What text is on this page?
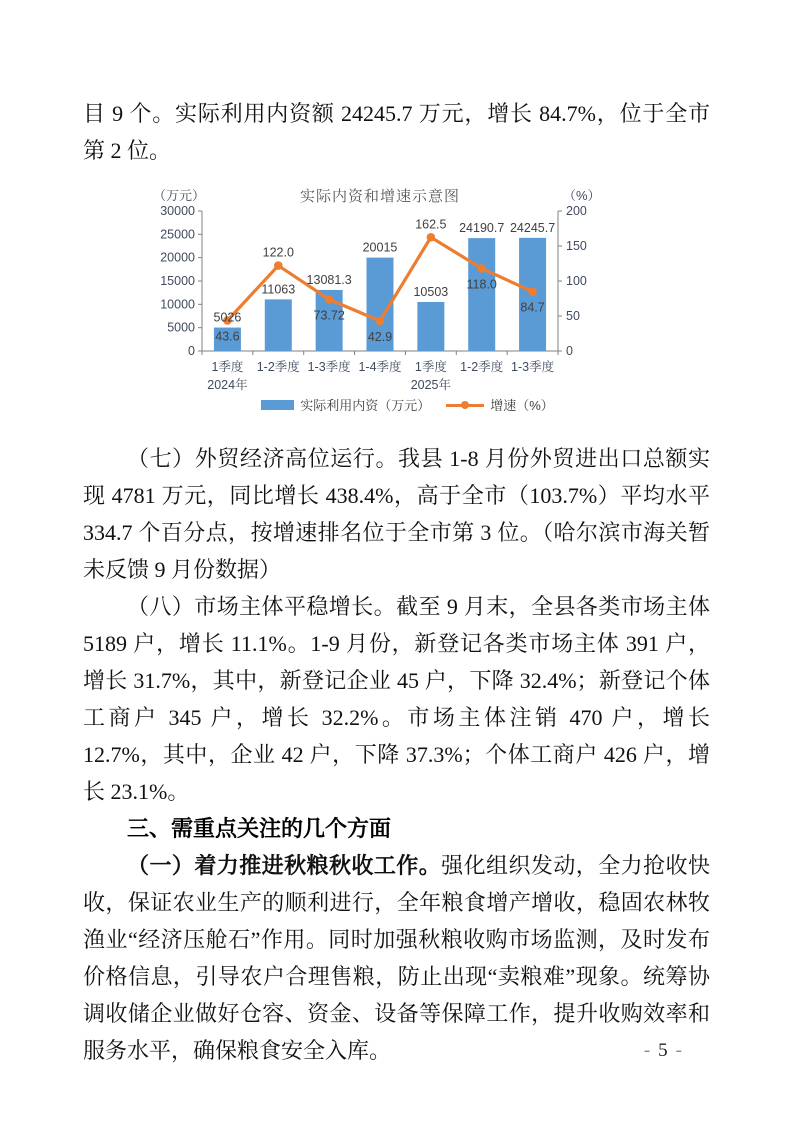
目 9 个。实际利用内资额 24245.7 万元，增长 84.7%，位于全市第 2 位。

实际内资和增速示意图
（万元）	（%）
0
5000
10000
15000
20000
25000
30000
0
50
100
150
200
5026
11063
13081.3
20015
10503
24190.7 24245.7
43.6
122.0
73.72
42.9
162.5
118.0
84.7
1季度 1-2季度 1-3季度 1-4季度 1季度 1-2季度 1-3季度
2024年	2025年
实际利用内资（万元）	增速（%）

（七）外贸经济高位运行。我县 1-8 月份外贸进出口总额实现 4781 万元，同比增长 438.4%，高于全市（103.7%）平均水平 334.7 个百分点，按增速排名位于全市第 3 位。（哈尔滨市海关暂未反馈 9 月份数据）

（八）市场主体平稳增长。截至 9 月末，全县各类市场主体 5189 户，增长 11.1%。1-9 月份，新登记各类市场主体 391 户，增长 31.7%，其中，新登记企业 45 户，下降 32.4%；新登记个体工商户 345 户，增长 32.2%。市场主体注销 470 户，增长 12.7%，其中，企业 42 户，下降 37.3%；个体工商户 426 户，增长 23.1%。

三、需重点关注的几个方面

（一）着力推进秋粮秋收工作。强化组织发动，全力抢收快收，保证农业生产的顺利进行，全年粮食增产增收，稳固农林牧渔业“经济压舱石”作用。同时加强秋粮收购市场监测，及时发布价格信息，引导农户合理售粮，防止出现“卖粮难”现象。统筹协调收储企业做好仓容、资金、设备等保障工作，提升收购效率和服务水平，确保粮食安全入库。	- 5 -
